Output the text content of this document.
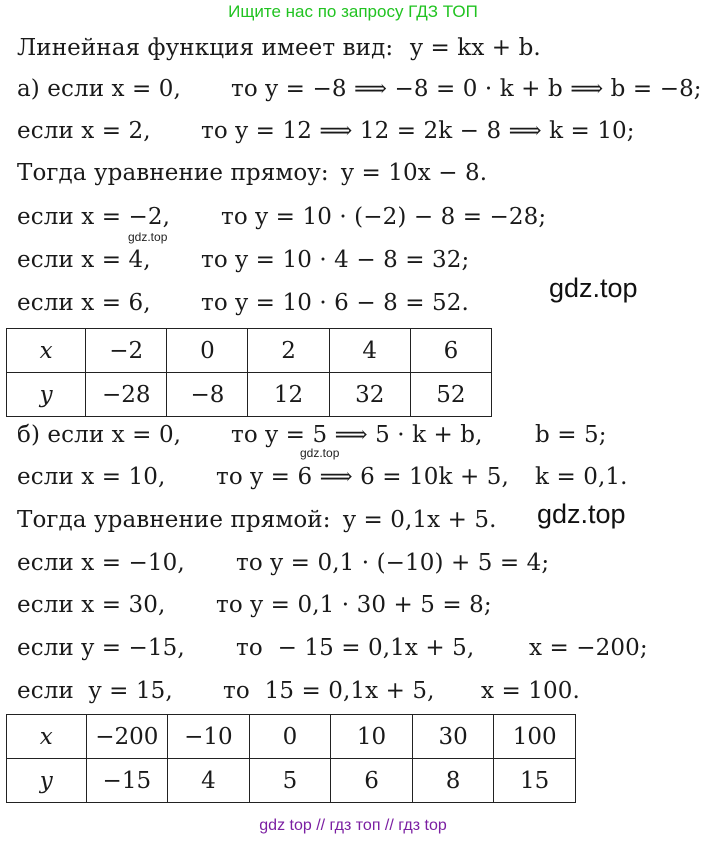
Ищите нас по запросу ГДЗ ТОП

Линейная функция имеет вид:

y = kx + b.

а) если x = 0,

то y = −8 ⟹ −8 = 0 · k + b ⟹ b = −8;

если x = 2,

то y = 12 ⟹ 12 = 2k − 8 ⟹ k = 10;

Тогда уравнение прямоу:

y = 10x − 8.

если x = −2,

то y = 10 · (−2) − 8 = −28;

gdz.top

если x = 4,

то y = 10 · 4 − 8 = 32;

если x = 6,

то y = 10 · 6 − 8 = 52.	gdz.top
x	−2	0	2	4	6
y	−28	−8	12	32	52

б) если x = 0,

то y = 5 ⟹ 5 · k + b,

b = 5;

gdz.top

если x = 10,

то y = 6 ⟹ 6 = 10k + 5,

k = 0,1.

gdz.top

Тогда уравнение прямой:

y = 0,1x + 5.

если x = −10,

то y = 0,1 · (−10) + 5 = 4;

если x = 30,

то y = 0,1 · 30 + 5 = 8;

если y = −15,

то  − 15 = 0,1x + 5,

x = −200;

если  y = 15,

то  15 = 0,1x + 5,

x = 100.

x	−200	−10	0	10	30	100
y	−15	4	5	6	8	15
gdz top // гдз топ // гдз top
